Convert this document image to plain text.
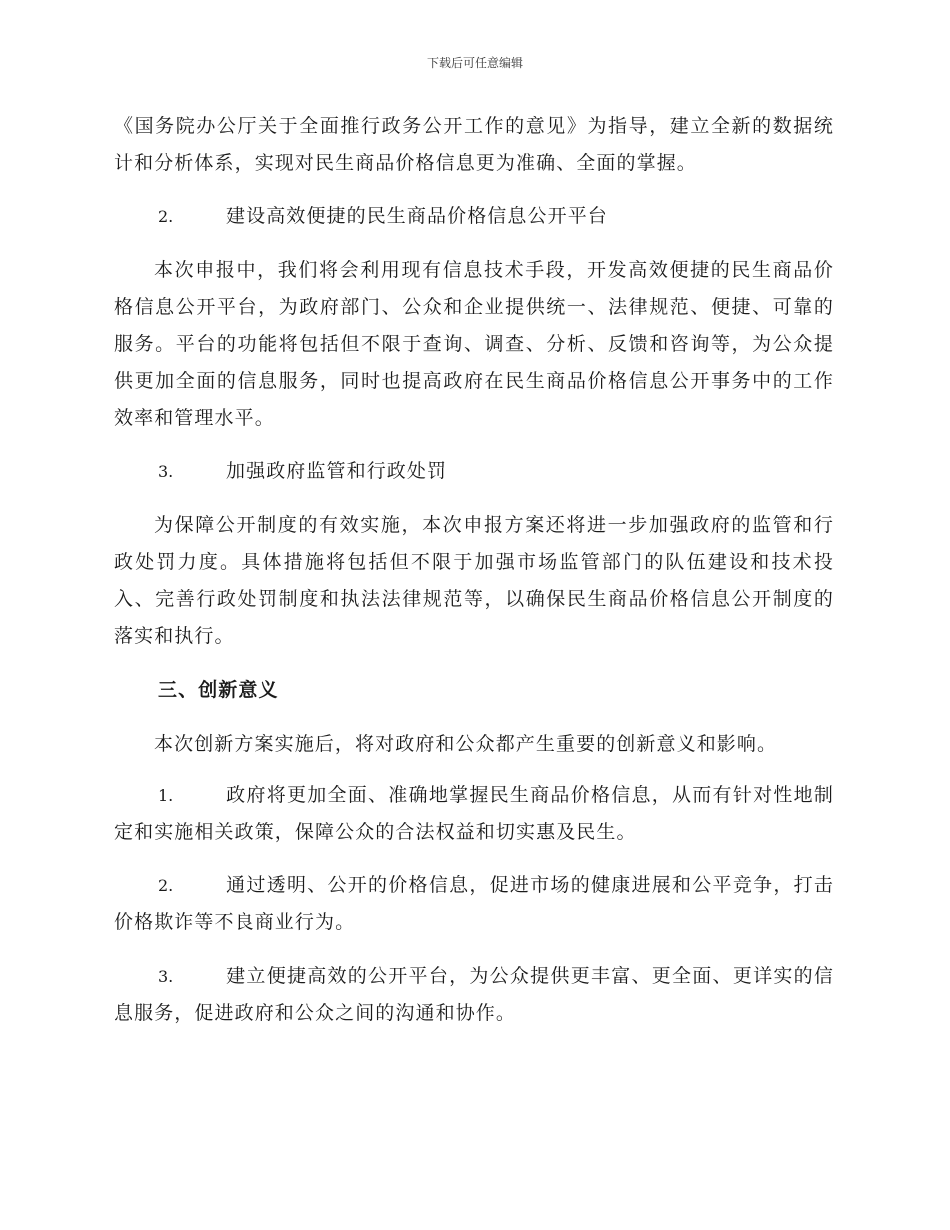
下载后可任意编辑
《国务院办公厅关于全面推行政务公开工作的意见》为指导，建立全新的数据统计和分析体系，实现对民生商品价格信息更为准确、全面的掌握。
2.	建设高效便捷的民生商品价格信息公开平台
本次申报中，我们将会利用现有信息技术手段，开发高效便捷的民生商品价格信息公开平台，为政府部门、公众和企业提供统一、法律规范、便捷、可靠的服务。平台的功能将包括但不限于查询、调查、分析、反馈和咨询等，为公众提供更加全面的信息服务，同时也提高政府在民生商品价格信息公开事务中的工作效率和管理水平。
3.	加强政府监管和行政处罚
为保障公开制度的有效实施，本次申报方案还将进一步加强政府的监管和行政处罚力度。具体措施将包括但不限于加强市场监管部门的队伍建设和技术投入、完善行政处罚制度和执法法律规范等，以确保民生商品价格信息公开制度的落实和执行。
三、创新意义
本次创新方案实施后，将对政府和公众都产生重要的创新意义和影响。
1.	政府将更加全面、准确地掌握民生商品价格信息，从而有针对性地制定和实施相关政策，保障公众的合法权益和切实惠及民生。
2.	通过透明、公开的价格信息，促进市场的健康进展和公平竞争，打击价格欺诈等不良商业行为。
3.	建立便捷高效的公开平台，为公众提供更丰富、更全面、更详实的信息服务，促进政府和公众之间的沟通和协作。
